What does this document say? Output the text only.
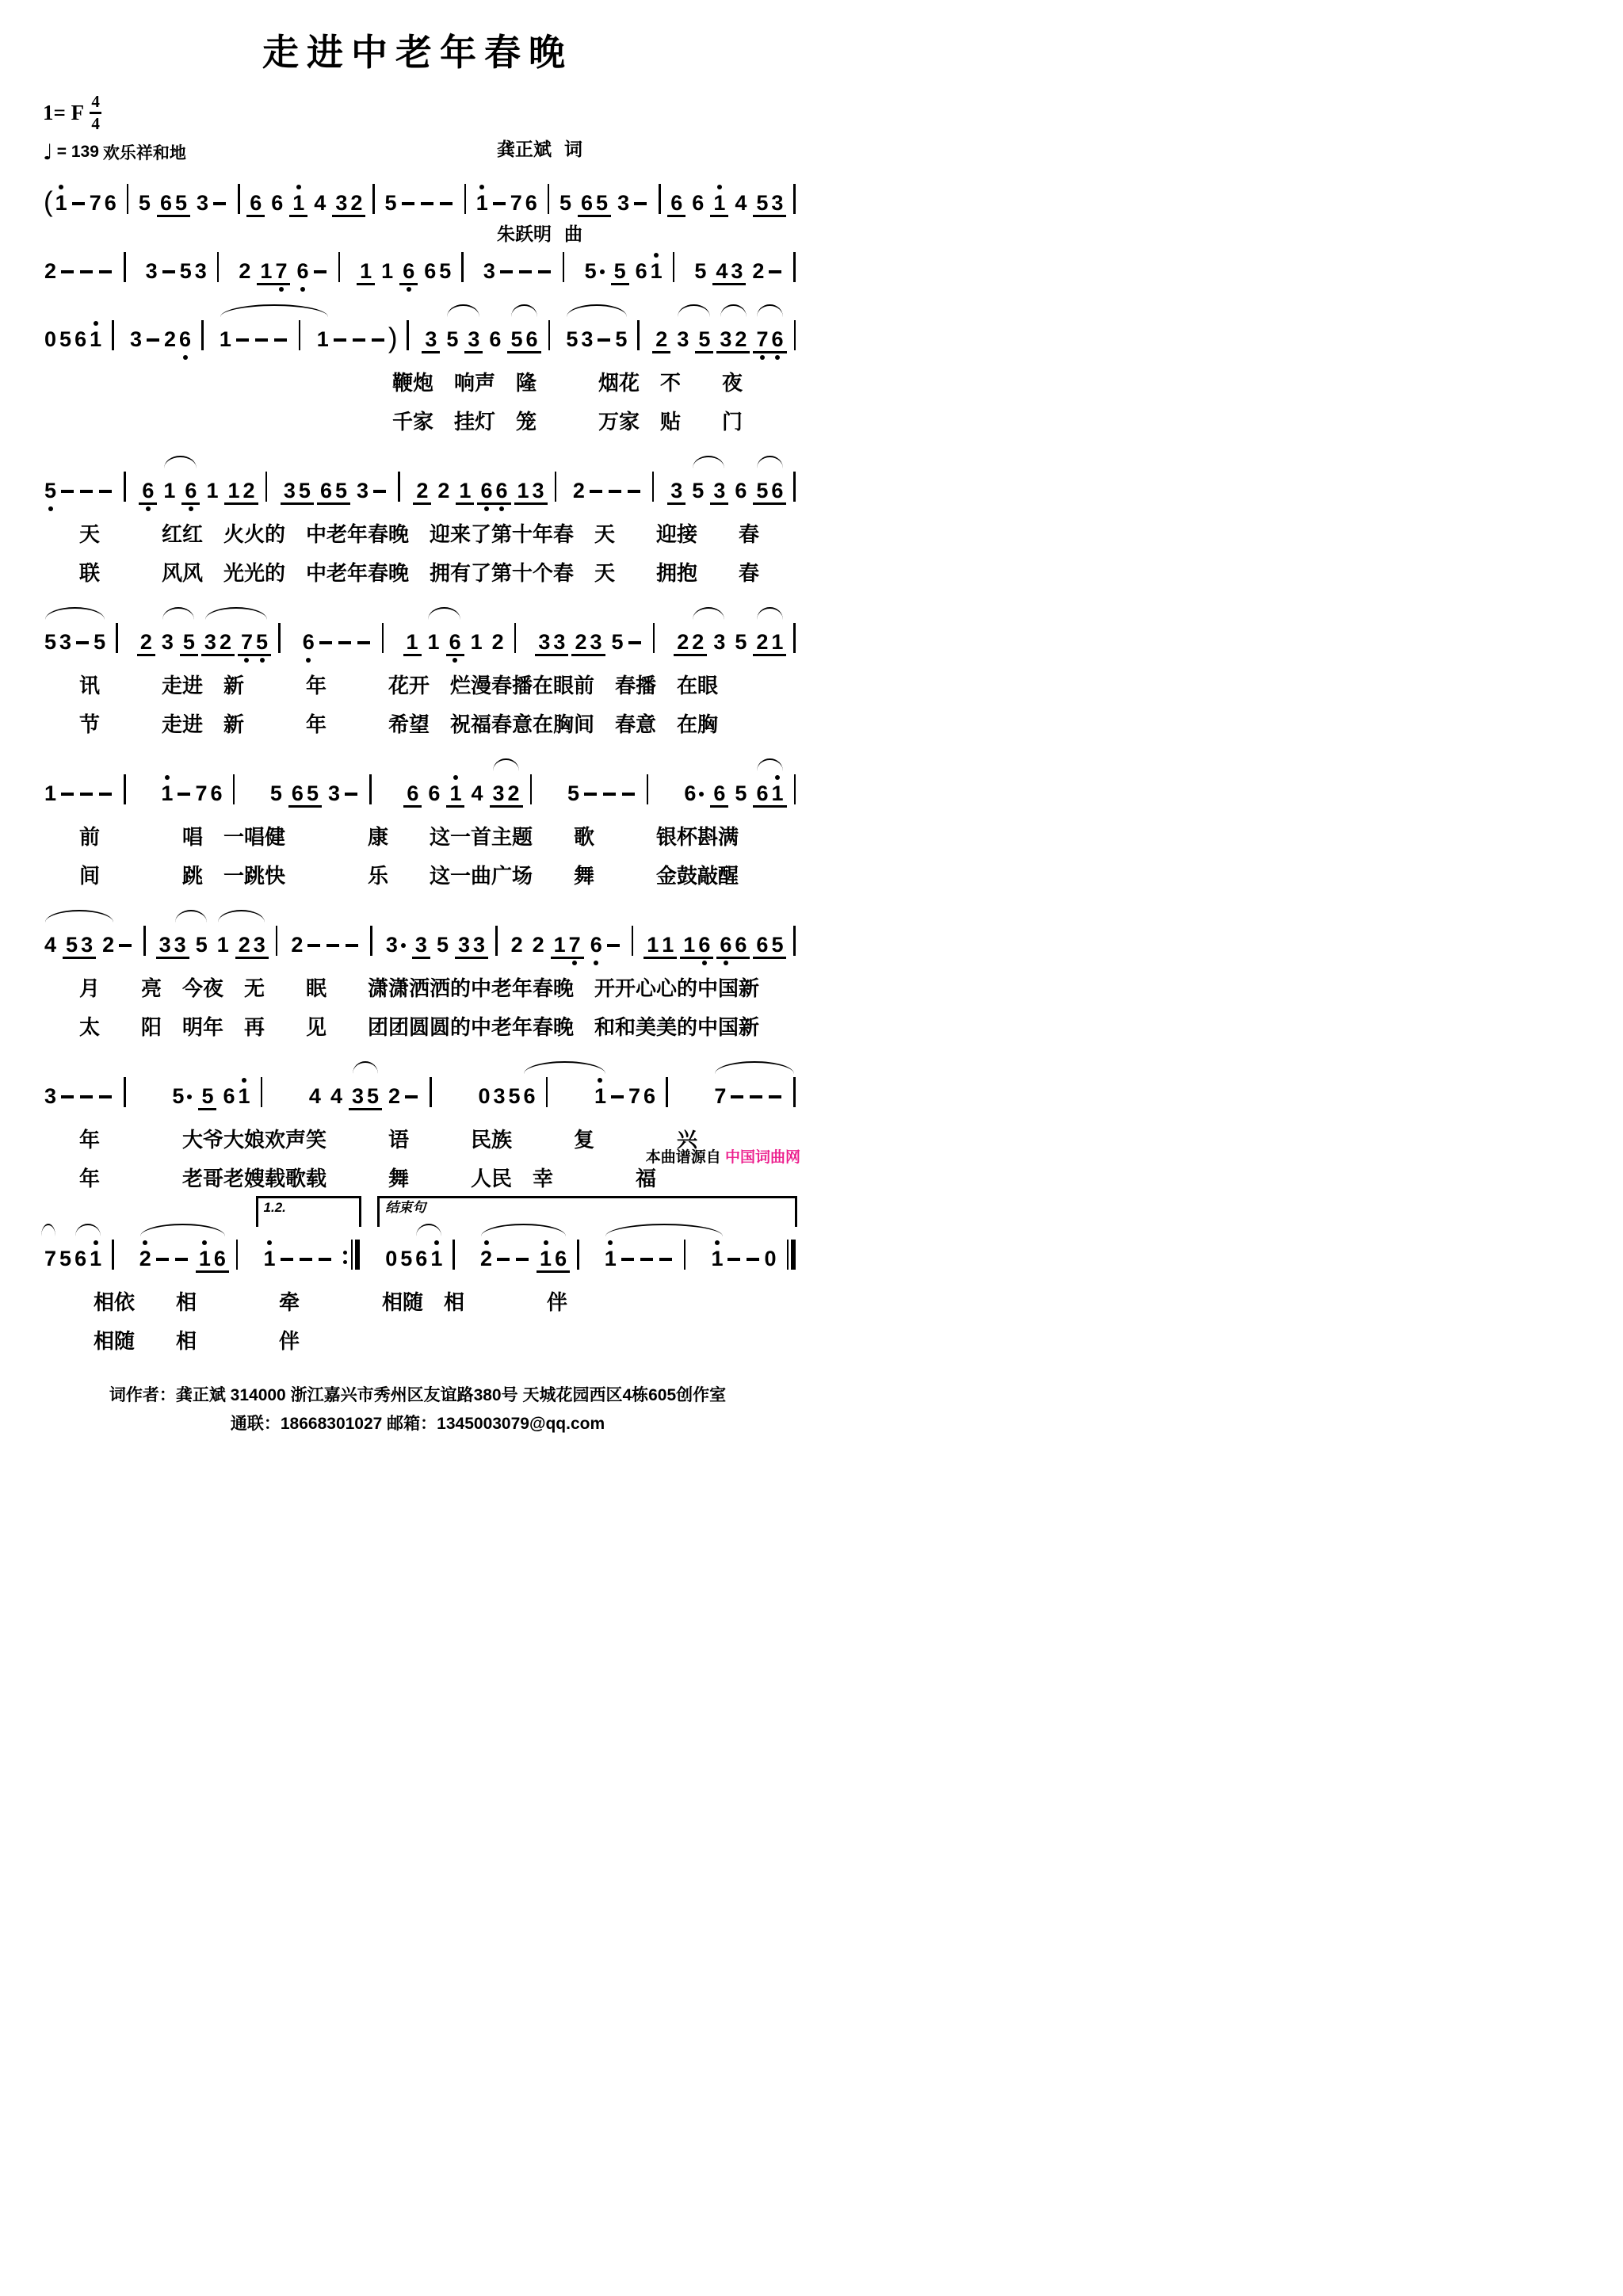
走进中老年春晚
1= F $\frac{4}{4}$
♩ = 139 欢乐祥和地

	龚正斌  词

朱跃明  曲

( 1 7 6 5 6 5 3 6 6 1 4 3 2 5	1 7 6 5 6 5 3 6 6 1 4 5 3
2	3 5 3 2 1 7 6 1 1 6 6 5 3	5 5 6 1 5 4 3 2
0 5 6 1 3 2 6 1	1 ) 3 5 3 6 5 6 5 3 5 2 3 5 3 2 7 6
鞭炮　响声　隆　　　烟花　不　　夜
千家　挂灯　笼　　　万家　贴　　门
5	6 1 6 1 1 2 3 5 6 5 3 2 2 1 6 6 1 3 2	3 5 3 6 5 6
天　　　红红　火火的　中老年春晚　迎来了第十年春　天　　迎接　　春
联　　　风风　光光的　中老年春晚　拥有了第十个春　天　　拥抱　　春
5 3 5 2 3 5 3 2 7 5 6	1 1 6 1 2 3 3 2 3 5	2 2 3 5 2 1
讯　　　走进　新　　　年　　　花开　烂漫春播在眼前　春播　在眼
节　　　走进　新　　　年　　　希望　祝福春意在胸间　春意　在胸
1	1 7 6 5 6 5 3	6 6 1 4 3 2 5	6 6 5 6 1
前　　　　唱　一唱健　　　　康　　这一首主题　　歌　　　银杯斟满
间　　　　跳　一跳快　　　　乐　　这一曲广场　　舞　　　金鼓敲醒
4 5 3 2 3 3 5 1 2 3 2	3 3 5 3 3 2 2 1 7 6 1 1 1 6 6 6 6 5
月　　亮　今夜　无　　眠　　潇潇洒洒的中老年春晚　开开心心的中国新
太　　阳　明年　再　　见　　团团圆圆的中老年春晚　和和美美的中国新
3	5 5 6 1	4 4 3 5 2	0 3 5 6	1 7 6	7
年　　　　大爷大娘欢声笑　　　语　　　民族　　　复　　　　兴
年　　　　老哥老嫂载歌载　　　舞　　　人民　幸　　　　福
7 5 6 1 2 1 6 1	0 5 6 1 2 1 6 1	1 0
1.2.	结束句
相依　　相　　　　牵　　　　相随　相　　　　伴
相随　　相　　　　伴
词作者：龚正斌 314000 浙江嘉兴市秀州区友谊路380号 天城花园西区4栋605创作室
通联：18668301027 邮箱：1345003079@qq.com
本曲谱源自 中国词曲网
